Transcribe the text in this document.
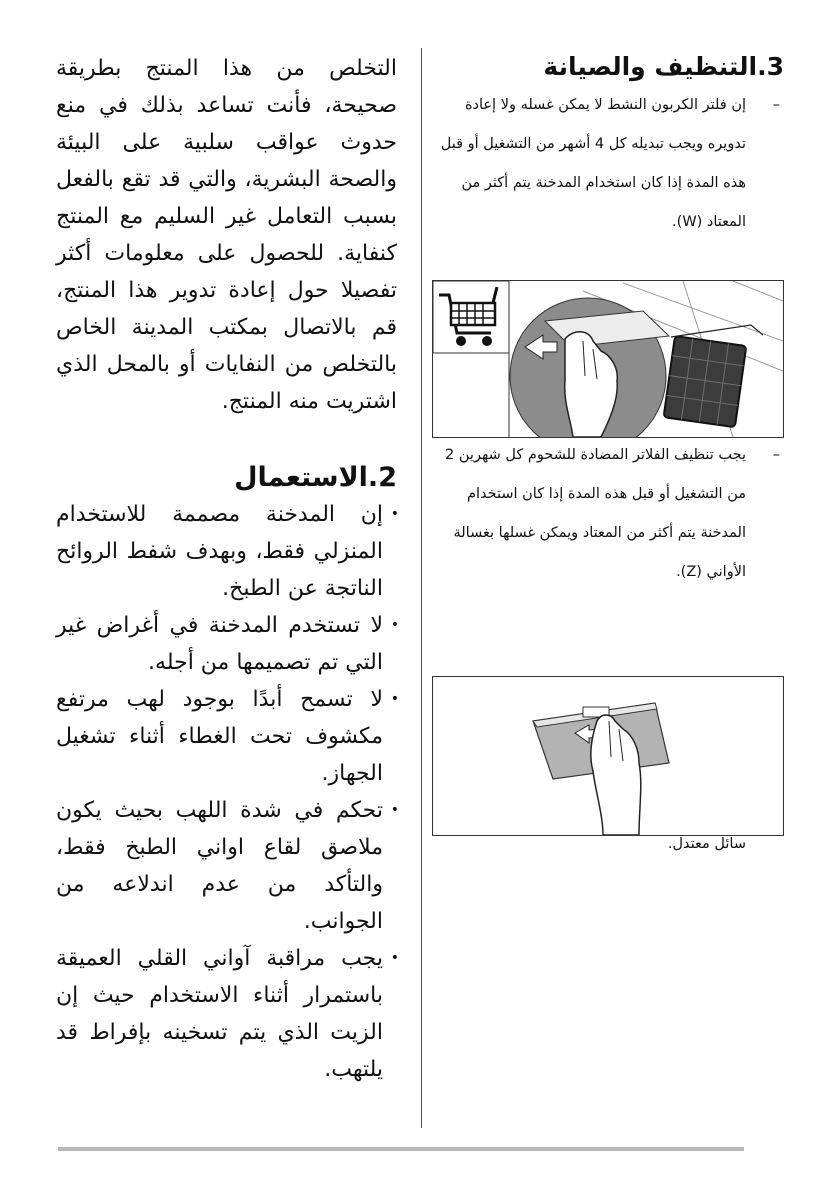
3.التنظيف والصيانة

–
إن فلتر الكربون النشط لا يمكن غسله ولا إعادة تدويره ويجب تبديله كل 4 أشهر من التشغيل أو قبل هذه المدة إذا كان استخدام المدخنة يتم أكثر من المعتاد (W).

–
يجب تنظيف الفلاتر المضادة للشحوم كل شهرين 2 من التشغيل أو قبل هذه المدة إذا كان استخدام المدخنة يتم أكثر من المعتاد ويمكن غسلها بغسالة الأواني (Z).

سائل معتدل.

التخلص من هذا المنتج بطريقة صحيحة، فأنت تساعد بذلك في منع حدوث عواقب سلبية على البيئة والصحة البشرية، والتي قد تقع بالفعل بسبب التعامل غير السليم مع المنتج كنفاية. للحصول على معلومات أكثر تفصيلا حول إعادة تدوير هذا المنتج، قم بالاتصال بمكتب المدينة الخاص بالتخلص من النفايات أو بالمحل الذي اشتريت منه المنتج.

2.الاستعمال

•
إن المدخنة مصممة للاستخدام المنزلي فقط، وبهدف شفط الروائح الناتجة عن الطبخ.

•
لا تستخدم المدخنة في أغراض غير التي تم تصميمها من أجله.

•
لا تسمح أبدًا بوجود لهب مرتفع مكشوف تحت الغطاء أثناء تشغيل الجهاز.

•
تحكم في شدة اللهب بحيث يكون ملاصق لقاع اواني الطبخ فقط، والتأكد من عدم اندلاعه من الجوانب.

•
يجب مراقبة آواني القلي العميقة باستمرار أثناء الاستخدام حيث إن الزيت الذي يتم تسخينه بإفراط قد يلتهب.
